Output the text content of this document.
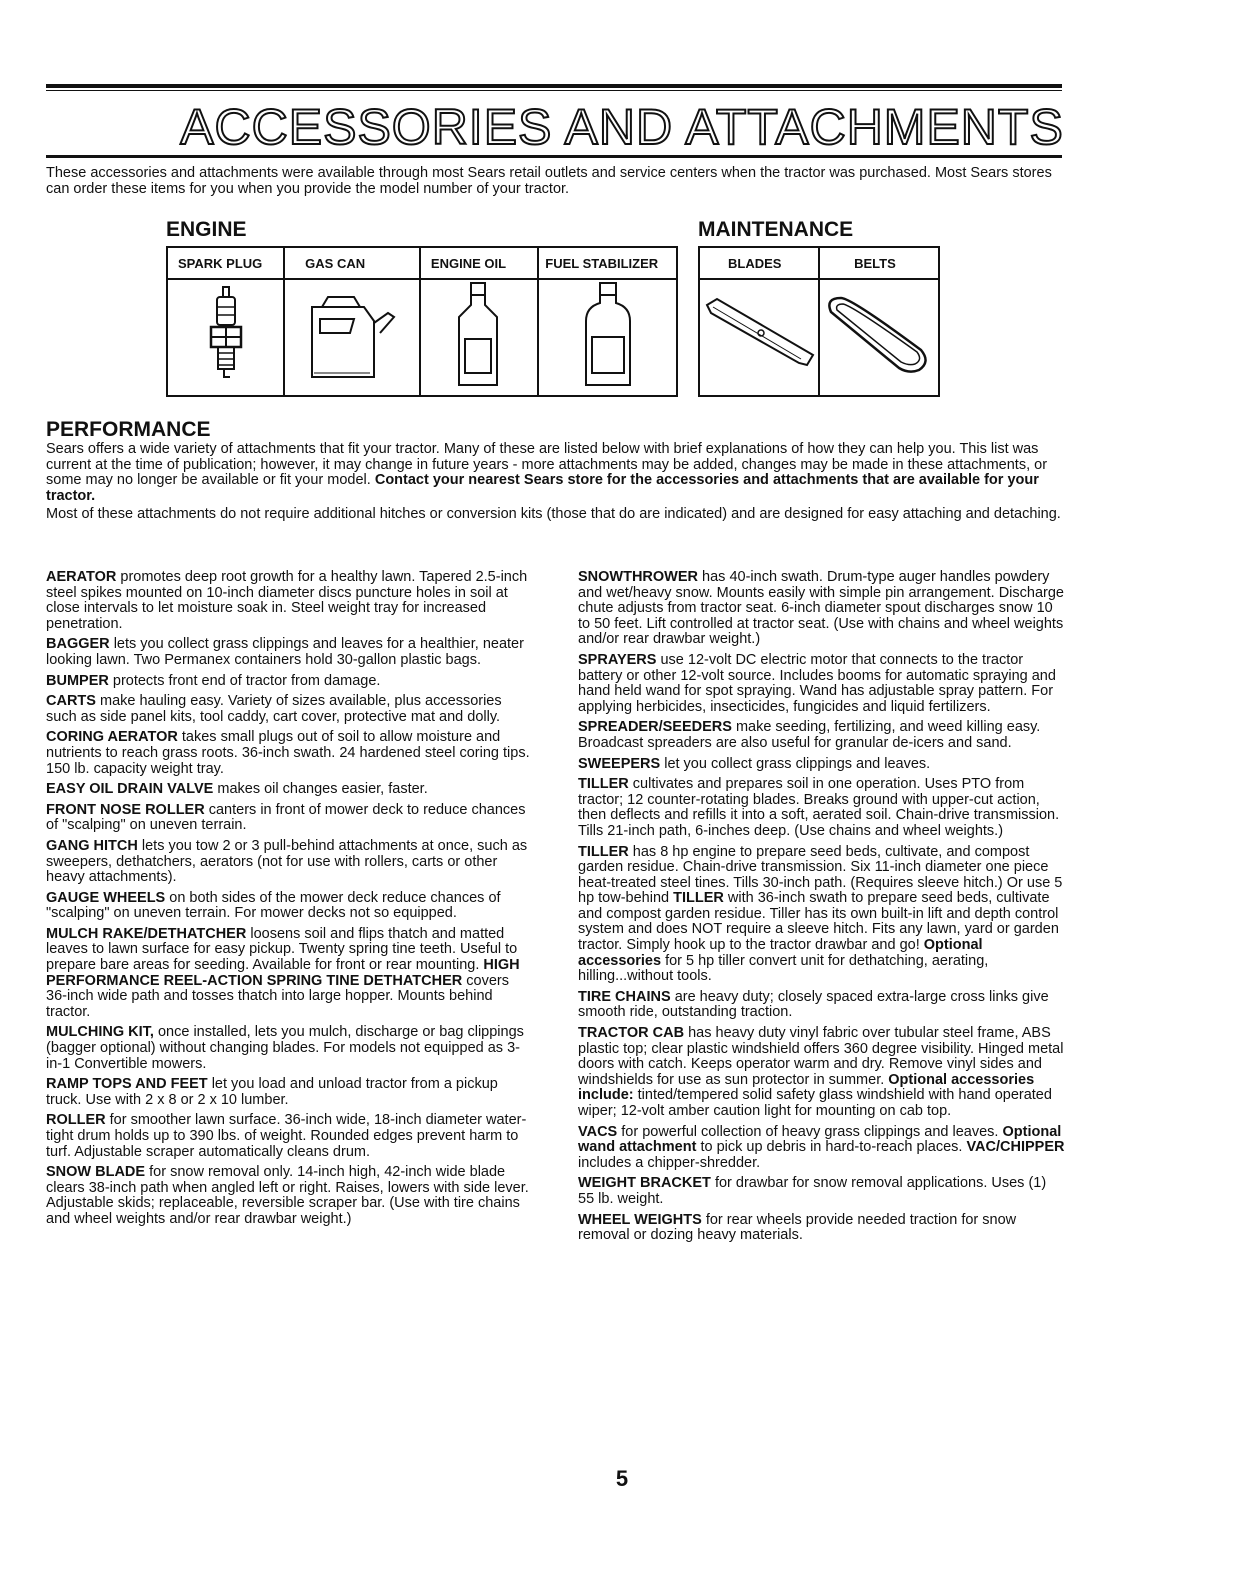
ACCESSORIES AND ATTACHMENTS

These accessories and attachments were available through most Sears retail outlets and service centers when the tractor was purchased. Most Sears stores can order these items for you when you provide the model number of your tractor.

ENGINE
SPARK PLUG	GAS CAN	ENGINE OIL	FUEL STABILIZER

MAINTENANCE
BLADES	BELTS

PERFORMANCE

Sears offers a wide variety of attachments that fit your tractor. Many of these are listed below with brief explanations of how they can help you. This list was current at the time of publication; however, it may change in future years - more attachments may be added, changes may be made in these attachments, or some may no longer be available or fit your model. Contact your nearest Sears store for the accessories and attachments that are available for your tractor.

Most of these attachments do not require additional hitches or conversion kits (those that do are indicated) and are designed for easy attaching and detaching.

AERATOR promotes deep root growth for a healthy lawn. Tapered 2.5-inch steel spikes mounted on 10-inch diameter discs puncture holes in soil at close intervals to let moisture soak in. Steel weight tray for increased penetration.

BAGGER lets you collect grass clippings and leaves for a healthier, neater looking lawn. Two Permanex containers hold 30-gallon plastic bags.

BUMPER protects front end of tractor from damage.

CARTS make hauling easy. Variety of sizes available, plus accessories such as side panel kits, tool caddy, cart cover, protective mat and dolly.

CORING AERATOR takes small plugs out of soil to allow moisture and nutrients to reach grass roots. 36-inch swath. 24 hardened steel coring tips. 150 lb. capacity weight tray.

EASY OIL DRAIN VALVE makes oil changes easier, faster.

FRONT NOSE ROLLER canters in front of mower deck to reduce chances of "scalping" on uneven terrain.

GANG HITCH lets you tow 2 or 3 pull-behind attachments at once, such as sweepers, dethatchers, aerators (not for use with rollers, carts or other heavy attachments).

GAUGE WHEELS on both sides of the mower deck reduce chances of "scalping" on uneven terrain. For mower decks not so equipped.

MULCH RAKE/DETHATCHER loosens soil and flips thatch and matted leaves to lawn surface for easy pickup. Twenty spring tine teeth. Useful to prepare bare areas for seeding. Available for front or rear mounting. HIGH PERFORMANCE REEL-ACTION SPRING TINE DETHATCHER covers 36-inch wide path and tosses thatch into large hopper. Mounts behind tractor.

MULCHING KIT, once installed, lets you mulch, discharge or bag clippings (bagger optional) without changing blades. For models not equipped as 3-in-1 Convertible mowers.

RAMP TOPS AND FEET let you load and unload tractor from a pickup truck. Use with 2 x 8 or 2 x 10 lumber.

ROLLER for smoother lawn surface. 36-inch wide, 18-inch diameter water-tight drum holds up to 390 lbs. of weight. Rounded edges prevent harm to turf. Adjustable scraper automatically cleans drum.

SNOW BLADE for snow removal only. 14-inch high, 42-inch wide blade clears 38-inch path when angled left or right. Raises, lowers with side lever. Adjustable skids; replaceable, reversible scraper bar. (Use with tire chains and wheel weights and/or rear drawbar weight.)

SNOWTHROWER has 40-inch swath. Drum-type auger handles powdery and wet/heavy snow. Mounts easily with simple pin arrangement. Discharge chute adjusts from tractor seat. 6-inch diameter spout discharges snow 10 to 50 feet. Lift controlled at tractor seat. (Use with chains and wheel weights and/or rear drawbar weight.)

SPRAYERS use 12-volt DC electric motor that connects to the tractor battery or other 12-volt source. Includes booms for automatic spraying and hand held wand for spot spraying. Wand has adjustable spray pattern. For applying herbicides, insecticides, fungicides and liquid fertilizers.

SPREADER/SEEDERS make seeding, fertilizing, and weed killing easy. Broadcast spreaders are also useful for granular de-icers and sand.

SWEEPERS let you collect grass clippings and leaves.

TILLER cultivates and prepares soil in one operation. Uses PTO from tractor; 12 counter-rotating blades. Breaks ground with upper-cut action, then deflects and refills it into a soft, aerated soil. Chain-drive transmission. Tills 21-inch path, 6-inches deep. (Use chains and wheel weights.)

TILLER has 8 hp engine to prepare seed beds, cultivate, and compost garden residue. Chain-drive transmission. Six 11-inch diameter one piece heat-treated steel tines. Tills 30-inch path. (Requires sleeve hitch.) Or use 5 hp tow-behind TILLER with 36-inch swath to prepare seed beds, cultivate and compost garden residue. Tiller has its own built-in lift and depth control system and does NOT require a sleeve hitch. Fits any lawn, yard or garden tractor. Simply hook up to the tractor drawbar and go! Optional accessories for 5 hp tiller convert unit for dethatching, aerating, hilling...without tools.

TIRE CHAINS are heavy duty; closely spaced extra-large cross links give smooth ride, outstanding traction.

TRACTOR CAB has heavy duty vinyl fabric over tubular steel frame, ABS plastic top; clear plastic windshield offers 360 degree visibility. Hinged metal doors with catch. Keeps operator warm and dry. Remove vinyl sides and windshields for use as sun protector in summer. Optional accessories include: tinted/tempered solid safety glass windshield with hand operated wiper; 12-volt amber caution light for mounting on cab top.

VACS for powerful collection of heavy grass clippings and leaves. Optional wand attachment to pick up debris in hard-to-reach places. VAC/CHIPPER includes a chipper-shredder.

WEIGHT BRACKET for drawbar for snow removal applications. Uses (1) 55 lb. weight.

WHEEL WEIGHTS for rear wheels provide needed traction for snow removal or dozing heavy materials.

5
